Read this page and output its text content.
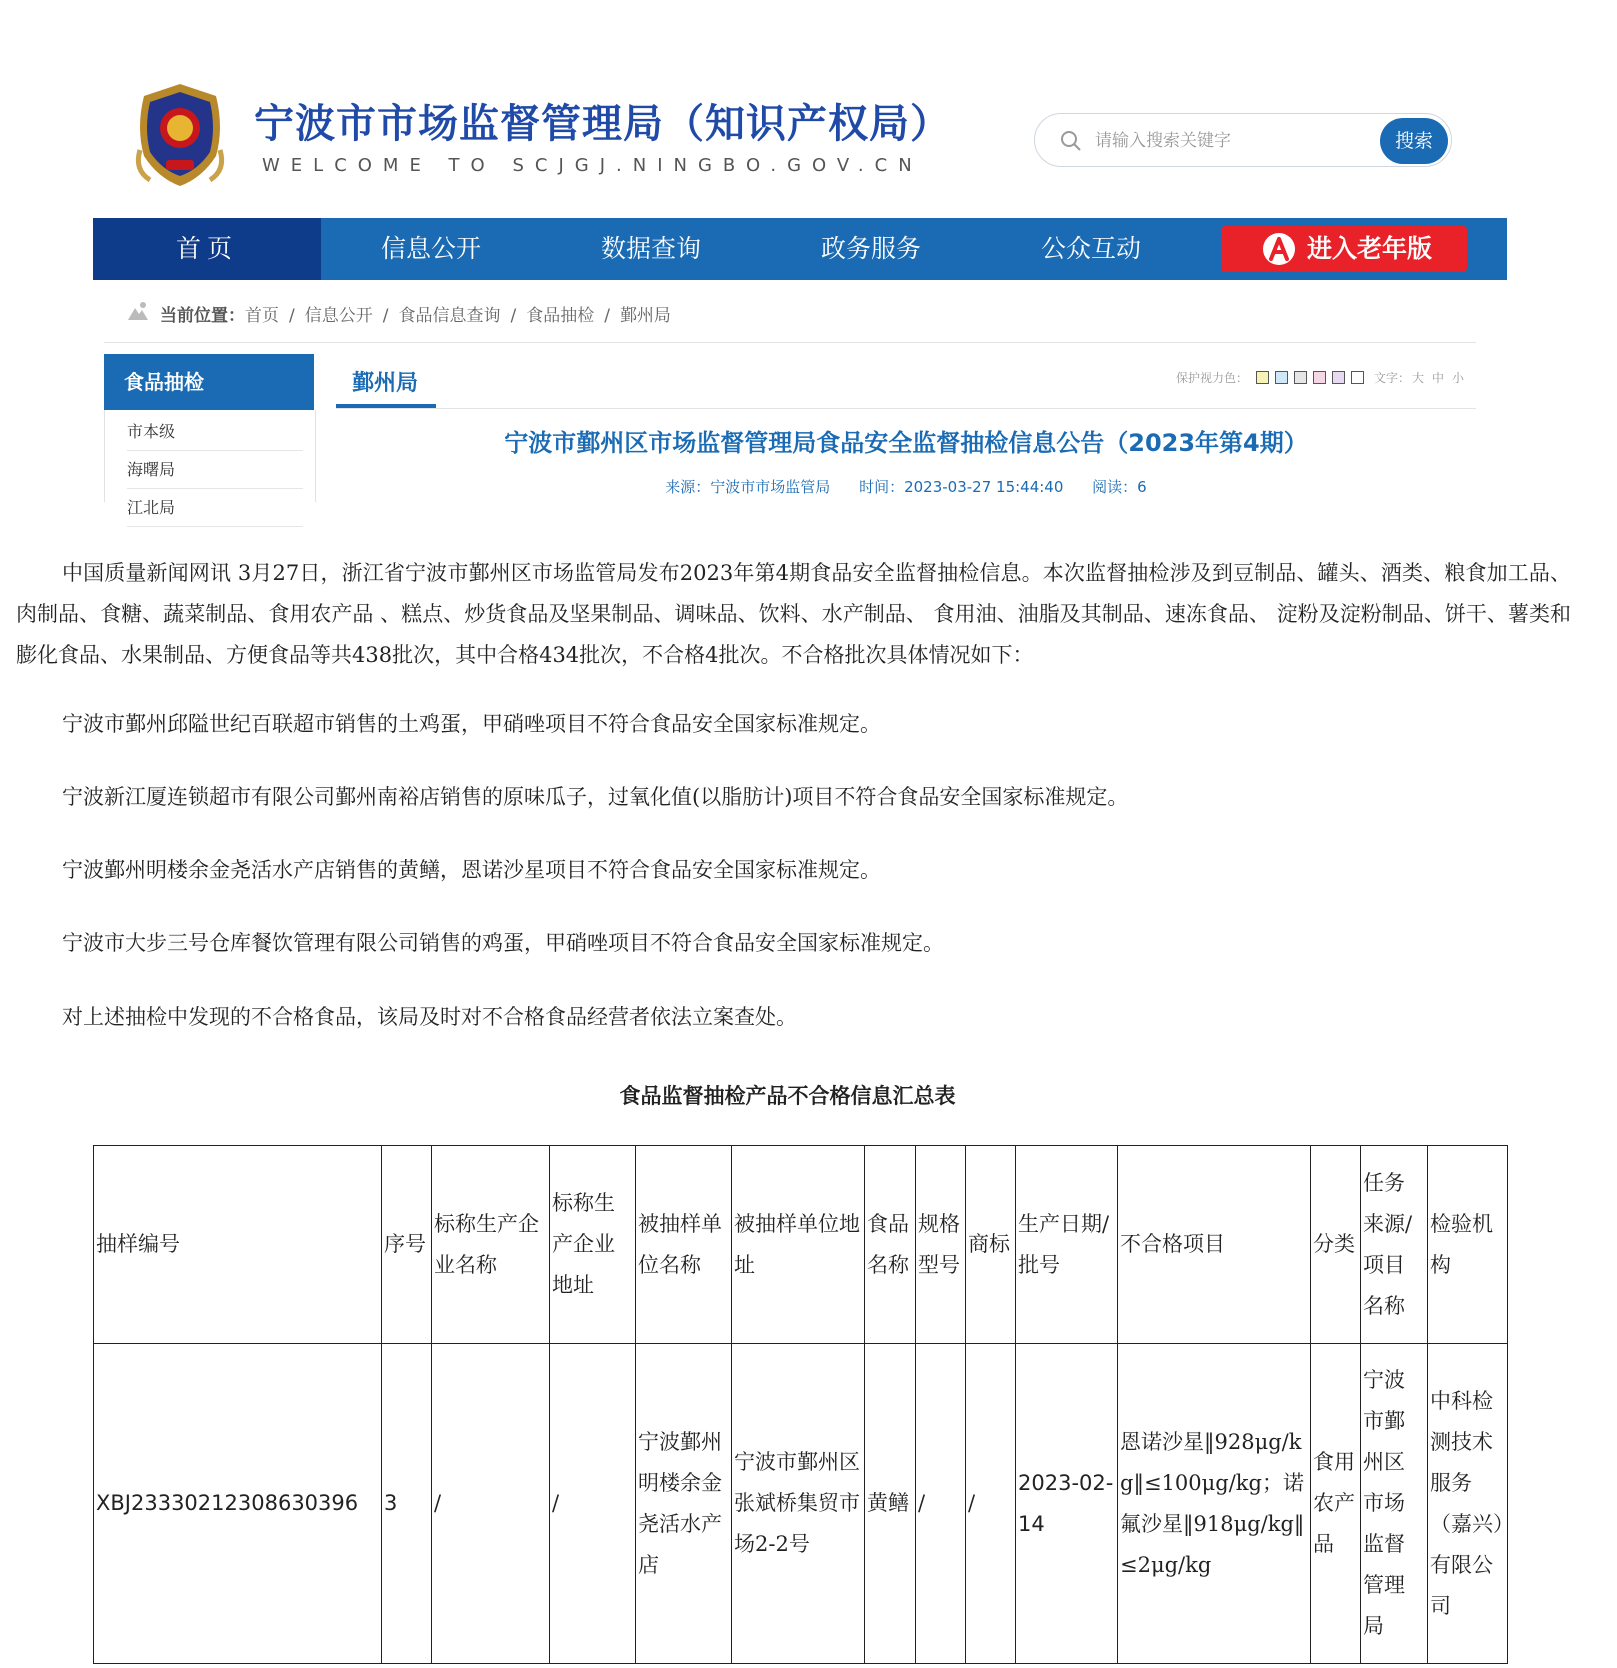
宁波市市场监督管理局（知识产权局）
WELCOME TO SCJGJ.NINGBO.GOV.CN
请输入搜索关键字
搜索
首页	信息公开	数据查询	政务服务	公众互动	进入老年版
当前位置：首页 / 信息公开 / 食品信息查询 / 食品抽检 / 鄞州局
食品抽检
市本级
海曙局
江北局
鄞州局	保护视力色：	文字： 大 中 小
宁波市鄞州区市场监督管理局食品安全监督抽检信息公告（2023年第4期）
来源：宁波市市场监管局 时间：2023-03-27 15:44:40 阅读：6
中国质量新闻网讯 3月27日，浙江省宁波市鄞州区市场监管局发布2023年第4期食品安全监督抽检信息。本次监督抽检涉及到豆制品、罐头、酒类、粮食加工品、肉制品、食糖、蔬菜制品、食用农产品 、糕点、炒货食品及坚果制品、调味品、饮料、水产制品、 食用油、油脂及其制品、速冻食品、 淀粉及淀粉制品、饼干、薯类和膨化食品、水果制品、方便食品等共438批次，其中合格434批次，不合格4批次。不合格批次具体情况如下：
宁波市鄞州邱隘世纪百联超市销售的土鸡蛋，甲硝唑项目不符合食品安全国家标准规定。
宁波新江厦连锁超市有限公司鄞州南裕店销售的原味瓜子，过氧化值(以脂肪计)项目不符合食品安全国家标准规定。
宁波鄞州明楼余金尧活水产店销售的黄鳝，恩诺沙星项目不符合食品安全国家标准规定。
宁波市大步三号仓库餐饮管理有限公司销售的鸡蛋，甲硝唑项目不符合食品安全国家标准规定。
对上述抽检中发现的不合格食品，该局及时对不合格食品经营者依法立案查处。
食品监督抽检产品不合格信息汇总表
抽样编号	序号	标称生产企业名称	标称生产企业地址	被抽样单位名称	被抽样单位地址	食品名称	规格型号	商标	生产日期/批号	不合格项目	分类	任务来源/项目名称	检验机构
XBJ23330212308630396	3	/	/	宁波鄞州明楼余金尧活水产店	宁波市鄞州区张斌桥集贸市场2-2号	黄鳝	/	/	2023-02-14	恩诺沙星‖928μg/kg‖≤100μg/kg；诺氟沙星‖918μg/kg‖≤2μg/kg	食用农产品	宁波市鄞州区市场监督管理局	中科检测技术服务（嘉兴）有限公司
